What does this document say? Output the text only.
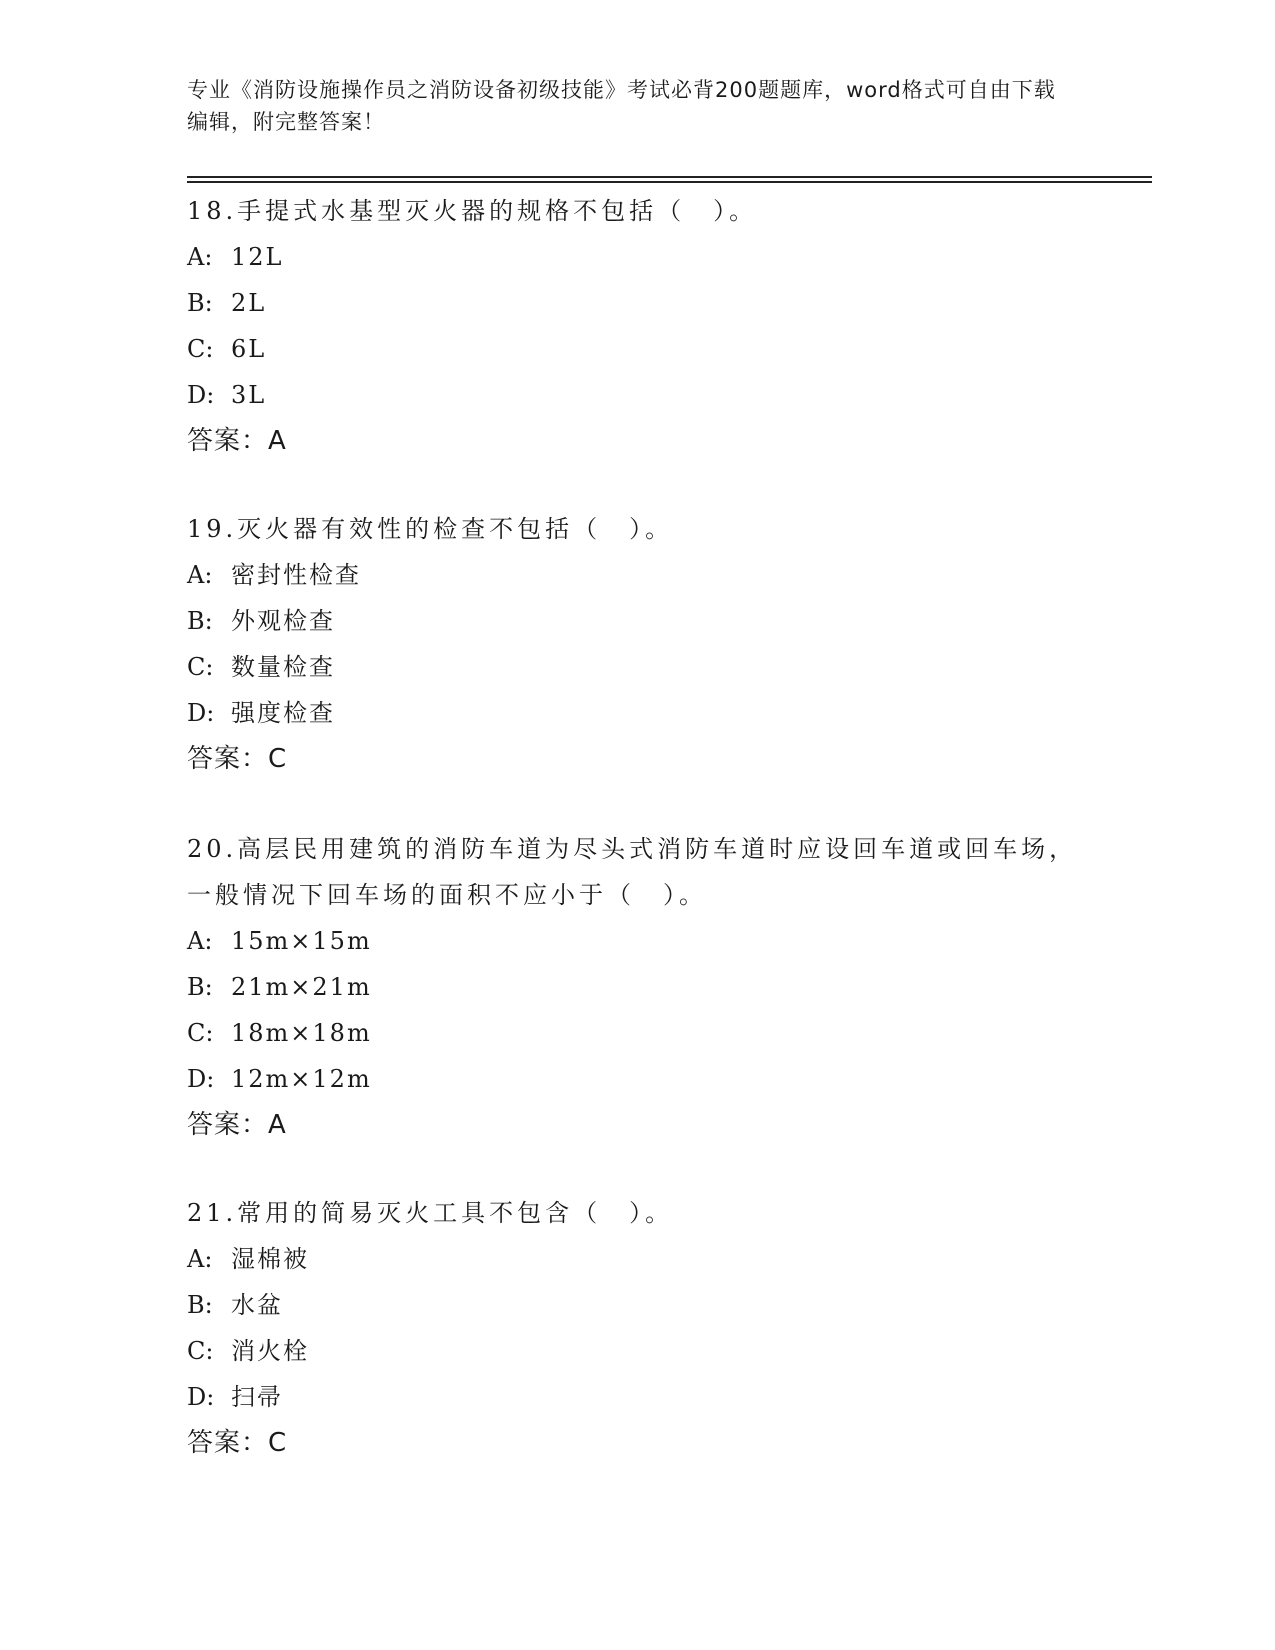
专业《消防设施操作员之消防设备初级技能》考试必背200题题库，word格式可自由下载编辑，附完整答案！

18.手提式水基型灭火器的规格不包括（　）。

A: 12L
B: 2L
C: 6L
D: 3L
答案：A

19.灭火器有效性的检查不包括（　）。

A: 密封性检查
B: 外观检查
C: 数量检查
D: 强度检查
答案：C

20.高层民用建筑的消防车道为尽头式消防车道时应设回车道或回车场，一般情况下回车场的面积不应小于（　）。

A: 15m×15m
B: 21m×21m
C: 18m×18m
D: 12m×12m
答案：A

21.常用的简易灭火工具不包含（　）。

A: 湿棉被
B: 水盆
C: 消火栓
D: 扫帚
答案：C
